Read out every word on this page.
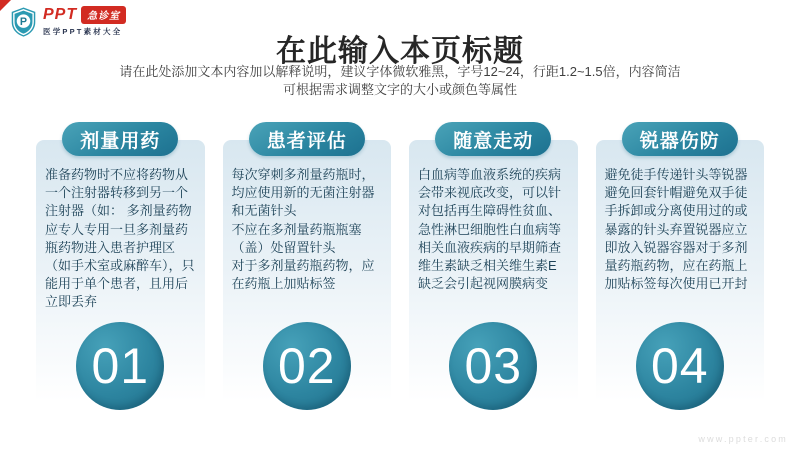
P PPT	急诊室
医学PPT素材大全
在此输入本页标题

请在此处添加文本内容加以解释说明，建议字体微软雅黑，字号12~24，行距1.2~1.5倍，内容简洁
可根据需求调整文字的大小或颜色等属性

剂量用药

准备药物时不应将药物从一个注射器转移到另一个注射器（如： 多剂量药物应专人专用一旦多剂量药瓶药物进入患者护理区（如手术室或麻醉车），只能用于单个患者，且用后立即丢弃

01
患者评估

每次穿刺多剂量药瓶时，均应使用新的无菌注射器和无菌针头

不应在多剂量药瓶瓶塞（盖）处留置针头

对于多剂量药瓶药物，应在药瓶上加贴标签

02
随意走动

白血病等血液系统的疾病会带来视底改变，可以针对包括再生障碍性贫血、急性淋巴细胞性白血病等相关血液疾病的早期筛查

维生素缺乏相关维生素E缺乏会引起视网膜病变

03
锐器伤防

避免徒手传递针头等锐器避免回套针帽避免双手徒手拆卸或分离使用过的或暴露的针头弃置锐器应立即放入锐器容器对于多剂量药瓶药物，应在药瓶上加贴标签每次使用已开封

04
www.ppter.com
